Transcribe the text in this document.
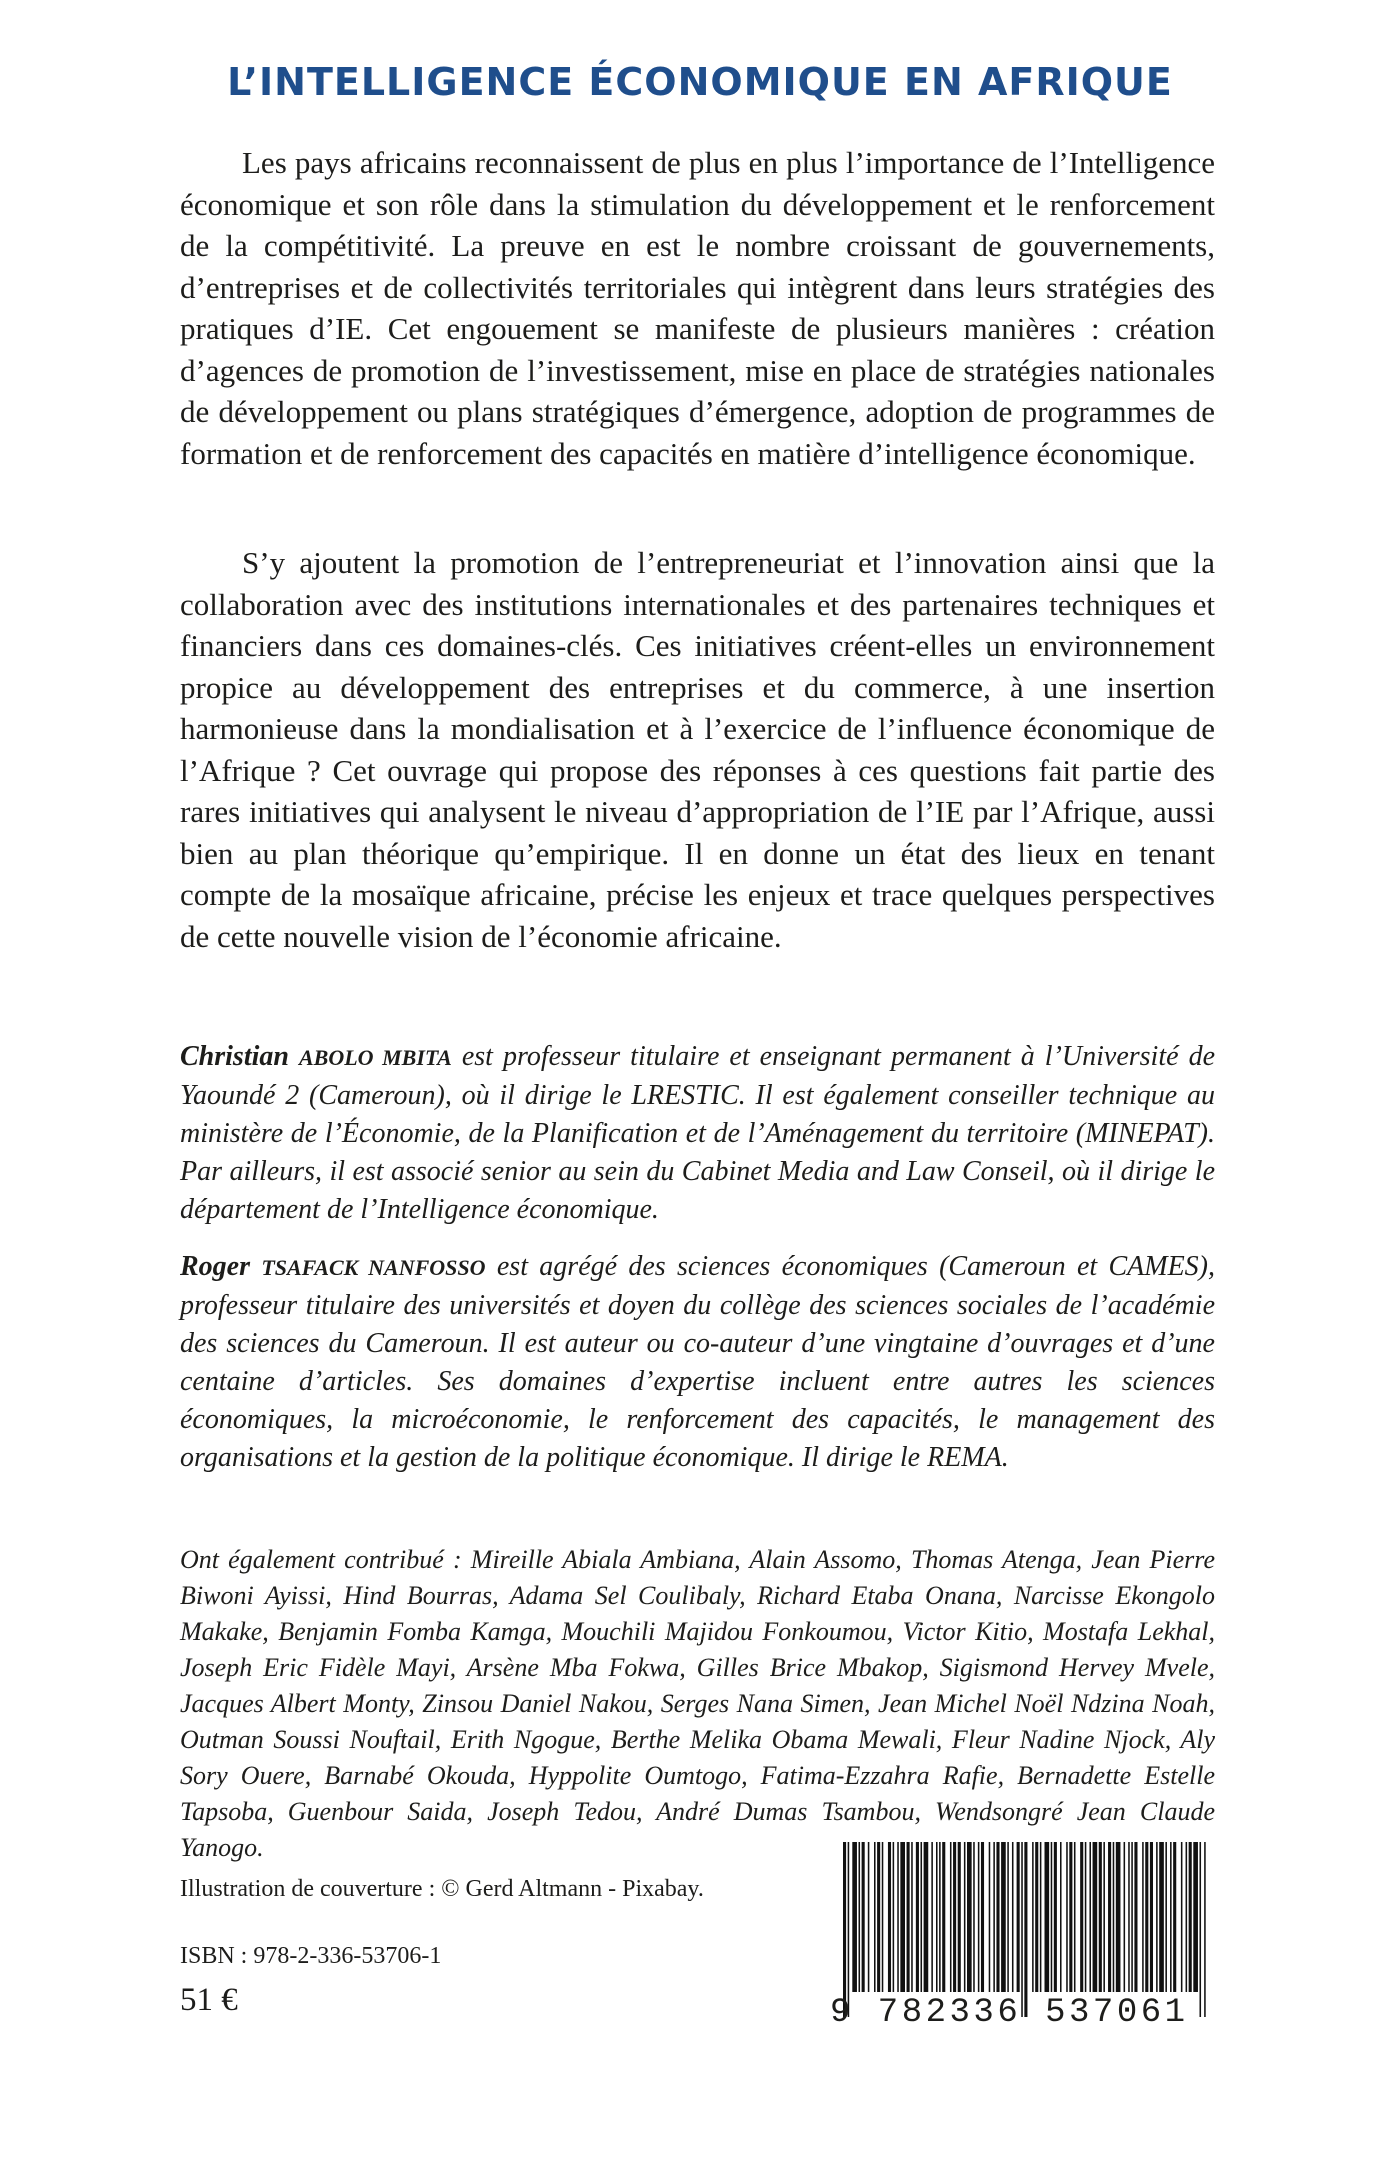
L’INTELLIGENCE ÉCONOMIQUE EN AFRIQUE

Les pays africains reconnaissent de plus en plus l’importance de l’Intelligence économique et son rôle dans la stimulation du développement et le renforcement de la compétitivité. La preuve en est le nombre croissant de gouvernements, d’entreprises et de collectivités territoriales qui intègrent dans leurs stratégies des pratiques d’IE. Cet engouement se manifeste de plusieurs manières : création d’agences de promotion de l’investissement, mise en place de stratégies nationales de développement ou plans stratégiques d’émergence, adoption de programmes de formation et de renforcement des capacités en matière d’intelligence économique.

S’y ajoutent la promotion de l’entrepreneuriat et l’innovation ainsi que la collaboration avec des institutions internationales et des partenaires techniques et financiers dans ces domaines-clés. Ces initiatives créent-elles un environnement propice au développement des entreprises et du commerce, à une insertion harmonieuse dans la mondialisation et à l’exercice de l’influence économique de l’Afrique ? Cet ouvrage qui propose des réponses à ces questions fait partie des rares initiatives qui analysent le niveau d’appropriation de l’IE par l’Afrique, aussi bien au plan théorique qu’empirique. Il en donne un état des lieux en tenant compte de la mosaïque africaine, précise les enjeux et trace quelques perspectives de cette nouvelle vision de l’économie africaine.

Christian ABOLO MBITA est professeur titulaire et enseignant permanent à l’Université de Yaoundé 2 (Cameroun), où il dirige le LRESTIC. Il est également conseiller technique au ministère de l’Économie, de la Planification et de l’Aménagement du territoire (MINEPAT). Par ailleurs, il est associé senior au sein du Cabinet Media and Law Conseil, où il dirige le département de l’Intelligence économique.

Roger TSAFACK NANFOSSO est agrégé des sciences économiques (Cameroun et CAMES), professeur titulaire des universités et doyen du collège des sciences sociales de l’académie des sciences du Cameroun. Il est auteur ou co-auteur d’une vingtaine d’ouvrages et d’une centaine d’articles. Ses domaines d’expertise incluent entre autres les sciences économiques, la microéconomie, le renforcement des capacités, le management des organisations et la gestion de la politique économique. Il dirige le REMA.

Ont également contribué : Mireille Abiala Ambiana, Alain Assomo, Thomas Atenga, Jean Pierre Biwoni Ayissi, Hind Bourras, Adama Sel Coulibaly, Richard Etaba Onana, Narcisse Ekongolo Makake, Benjamin Fomba Kamga, Mouchili Majidou Fonkoumou, Victor Kitio, Mostafa Lekhal, Joseph Eric Fidèle Mayi, Arsène Mba Fokwa, Gilles Brice Mbakop, Sigismond Hervey Mvele, Jacques Albert Monty, Zinsou Daniel Nakou, Serges Nana Simen, Jean Michel Noël Ndzina Noah, Outman Soussi Nouftail, Erith Ngogue, Berthe Melika Obama Mewali, Fleur Nadine Njock, Aly Sory Ouere, Barnabé Okouda, Hyppolite Oumtogo, Fatima-Ezzahra Rafie, Bernadette Estelle Tapsoba, Guenbour Saida, Joseph Tedou, André Dumas Tsambou, Wendsongré Jean Claude Yanogo.

Illustration de couverture : © Gerd Altmann - Pixabay.

ISBN : 978-2-336-53706-1

51 €	9 782336 537061
